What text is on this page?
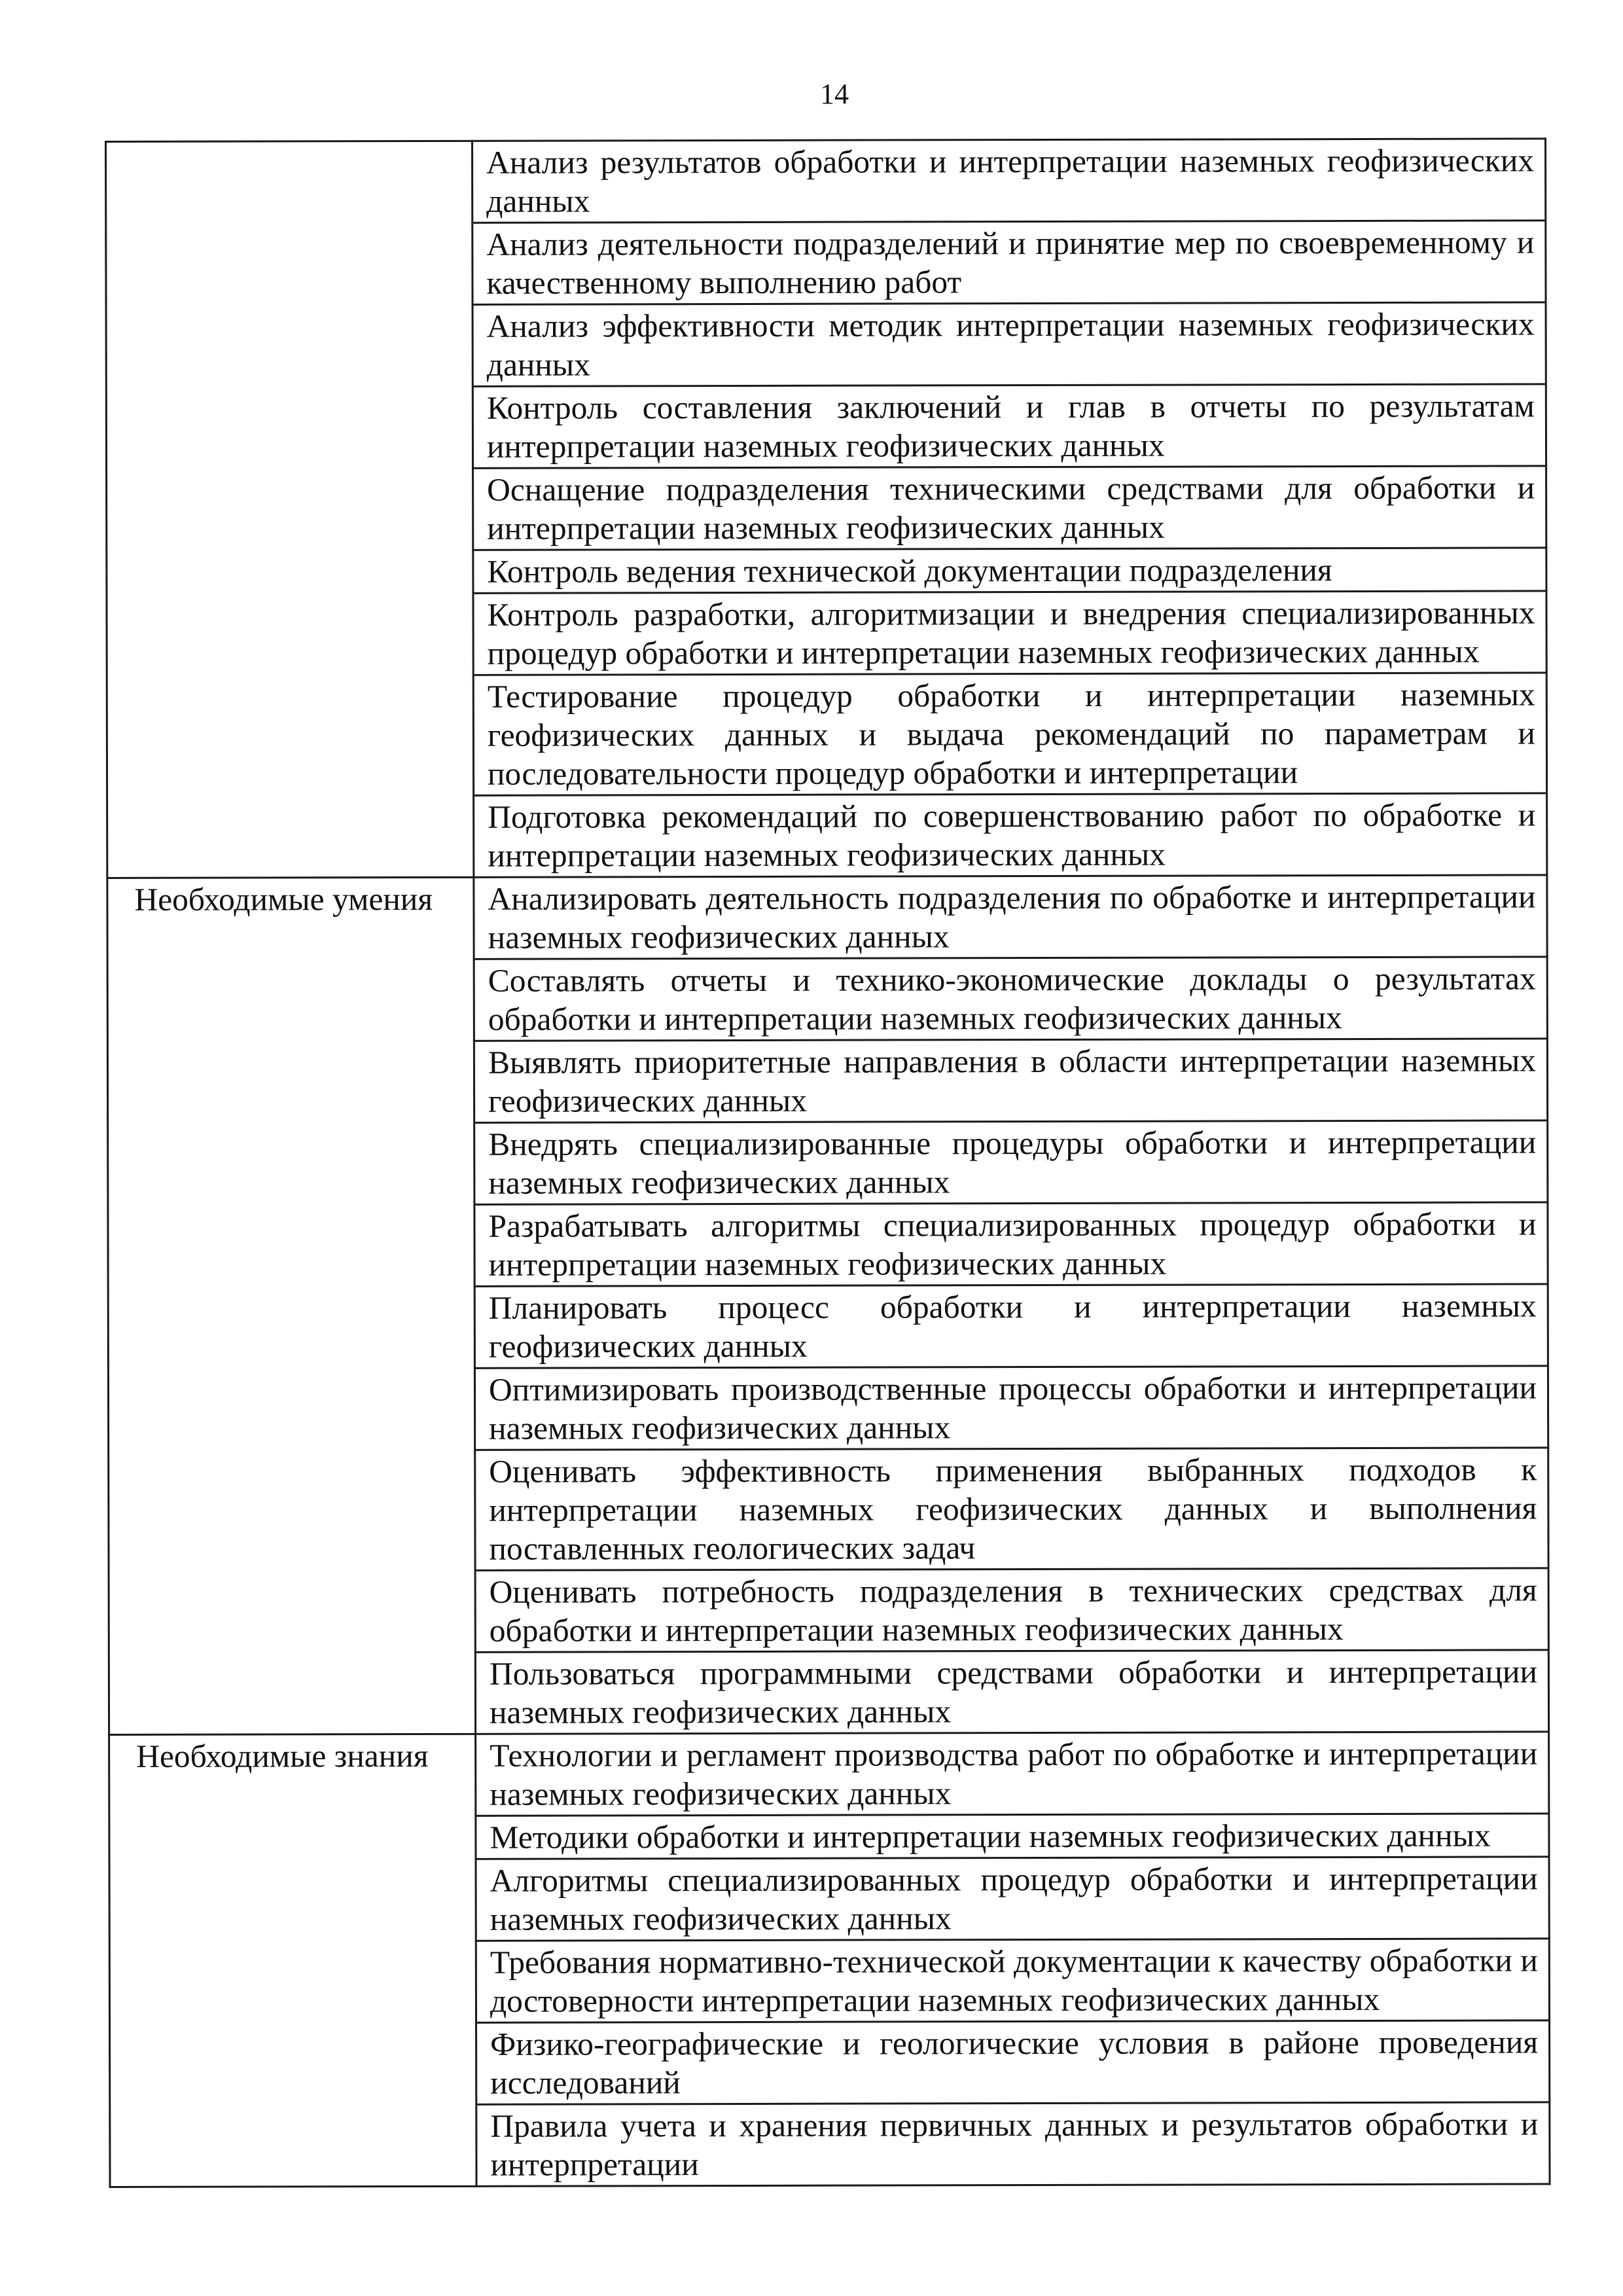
14
	Анализ результатов обработки и интерпретации наземных геофизических данных
	Анализ деятельности подразделений и принятие мер по своевременному и качественному выполнению работ
	Анализ эффективности методик интерпретации наземных геофизических данных
	Контроль составления заключений и глав в отчеты по результатам интерпретации наземных геофизических данных
	Оснащение подразделения техническими средствами для обработки и интерпретации наземных геофизических данных
	Контроль ведения технической документации подразделения
	Контроль разработки, алгоритмизации и внедрения специализированных процедур обработки и интерпретации наземных геофизических данных
	Тестирование процедур обработки и интерпретации наземных геофизических данных и выдача рекомендаций по параметрам и последовательности процедур обработки и интерпретации
	Подготовка рекомендаций по совершенствованию работ по обработке и интерпретации наземных геофизических данных
Необходимые умения	Анализировать деятельность подразделения по обработке и интерпретации наземных геофизических данных
	Составлять отчеты и технико-экономические доклады о результатах обработки и интерпретации наземных геофизических данных
	Выявлять приоритетные направления в области интерпретации наземных геофизических данных
	Внедрять специализированные процедуры обработки и интерпретации наземных геофизических данных
	Разрабатывать алгоритмы специализированных процедур обработки и интерпретации наземных геофизических данных
	Планировать процесс обработки и интерпретации наземных геофизических данных
	Оптимизировать производственные процессы обработки и интерпретации наземных геофизических данных
	Оценивать эффективность применения выбранных подходов к интерпретации наземных геофизических данных и выполнения поставленных геологических задач
	Оценивать потребность подразделения в технических средствах для обработки и интерпретации наземных геофизических данных
	Пользоваться программными средствами обработки и интерпретации наземных геофизических данных
Необходимые знания	Технологии и регламент производства работ по обработке и интерпретации наземных геофизических данных
	Методики обработки и интерпретации наземных геофизических данных
	Алгоритмы специализированных процедур обработки и интерпретации наземных геофизических данных
	Требования нормативно-технической документации к качеству обработки и достоверности интерпретации наземных геофизических данных
	Физико-географические и геологические условия в районе проведения исследований
	Правила учета и хранения первичных данных и результатов обработки и интерпретации
